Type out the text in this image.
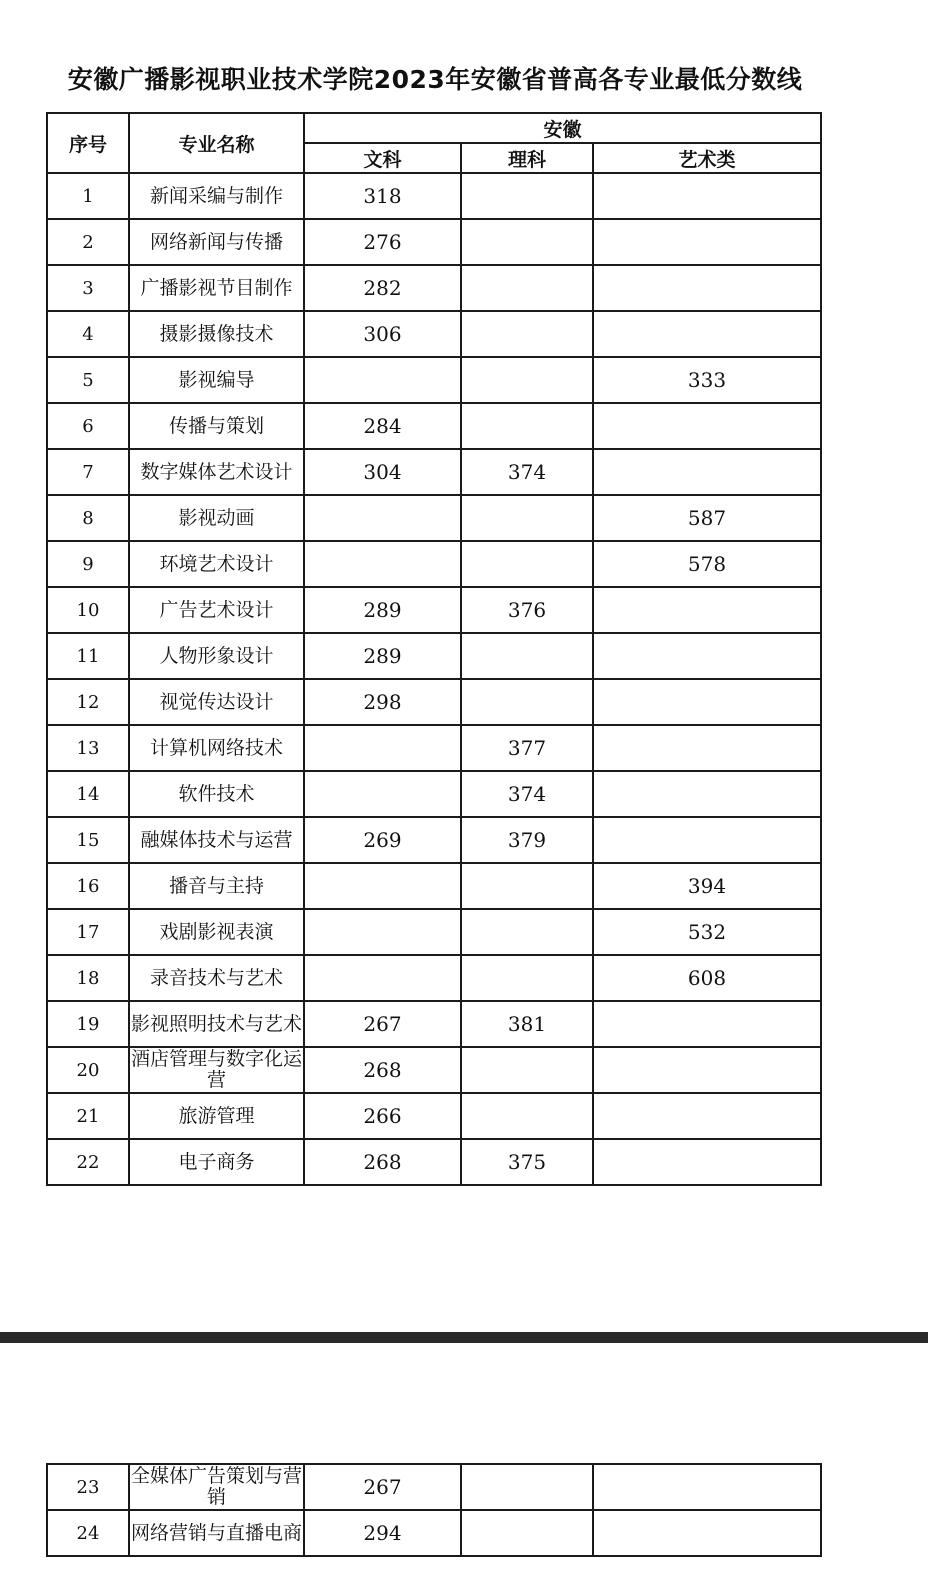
安徽广播影视职业技术学院2023年安徽省普高各专业最低分数线
序号	专业名称	安徽		
		文科	理科	艺术类
1	新闻采编与制作	318		
2	网络新闻与传播	276		
3	广播影视节目制作	282		
4	摄影摄像技术	306		
5	影视编导			333
6	传播与策划	284		
7	数字媒体艺术设计	304	374	
8	影视动画			587
9	环境艺术设计			578
10	广告艺术设计	289	376	
11	人物形象设计	289		
12	视觉传达设计	298		
13	计算机网络技术		377	
14	软件技术		374	
15	融媒体技术与运营	269	379	
16	播音与主持			394
17	戏剧影视表演			532
18	录音技术与艺术			608
19	影视照明技术与艺术	267	381	
20	酒店管理与数字化运营	268		
21	旅游管理	266		
22	电子商务	268	375	
23	全媒体广告策划与营销	267		
24	网络营销与直播电商	294		
